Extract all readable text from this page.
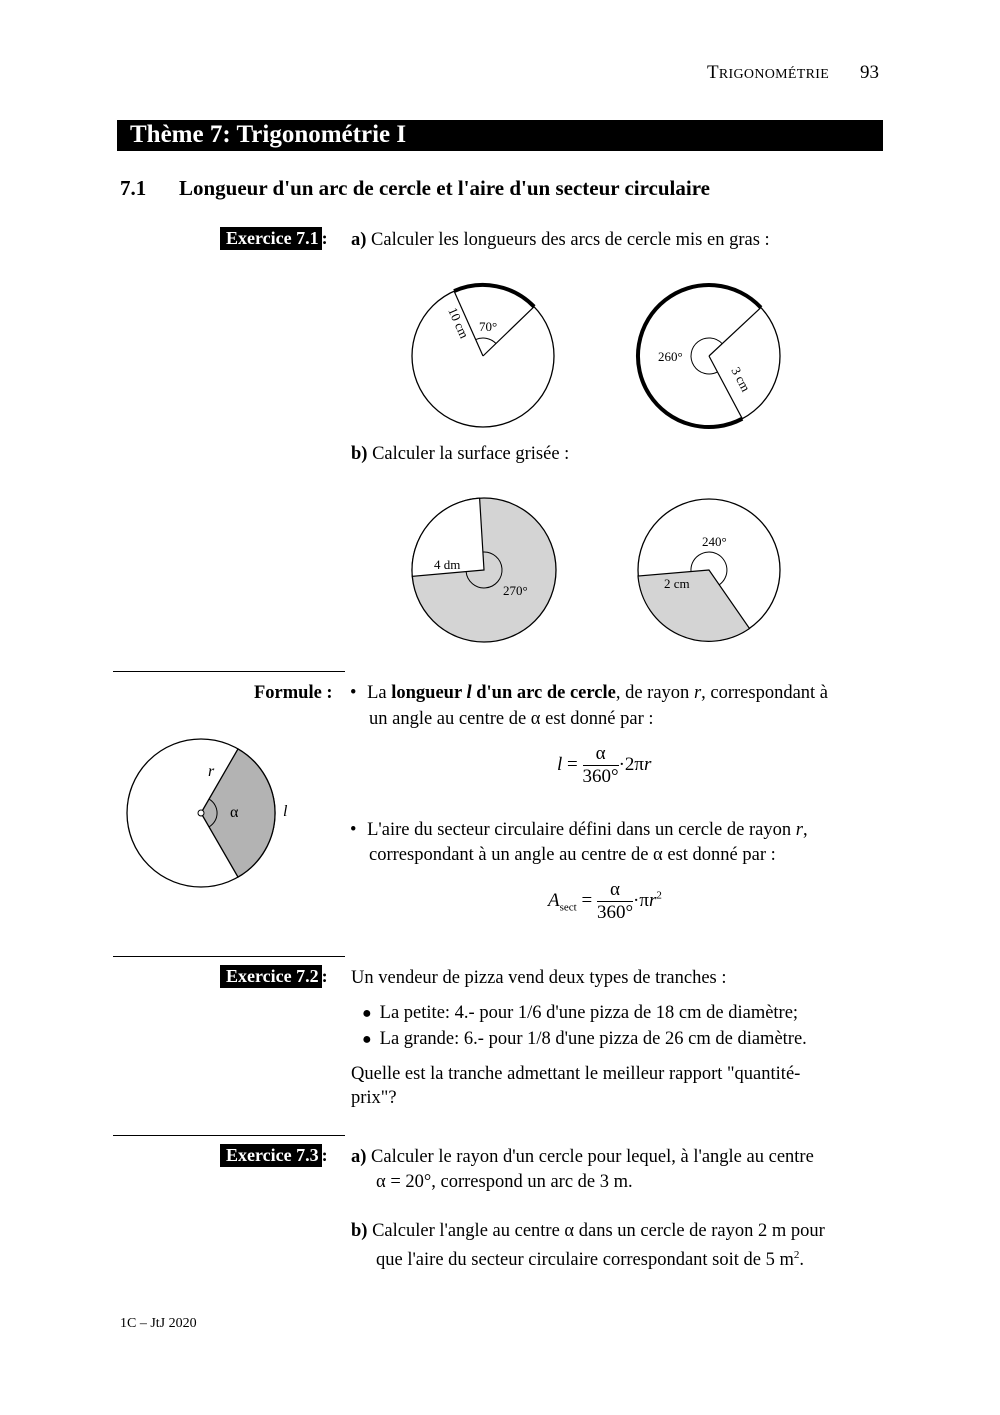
TRIGONOMÉTRIE 93
Thème 7: Trigonométrie I
7.1 Longueur d'un arc de cercle et l'aire d'un secteur circulaire
Exercice 7.1 : a) Calculer les longueurs des arcs de cercle mis en gras :
70°
10 cm
260°
3 cm
b) Calculer la surface grisée :
4 dm
270°
240°
2 cm
Formule : • La longueur l d'un arc de cercle, de rayon r, correspondant à
un angle au centre de α est donné par :
$l = \frac{\alpha}{360^\circ} \cdot 2\pi r$
• L'aire du secteur circulaire défini dans un cercle de rayon r,
correspondant à un angle au centre de α est donné par :
$A_{sect} = \frac{\alpha}{360^\circ} \cdot\pi r^2$
r
α	l
Exercice 7.2 : Un vendeur de pizza vend deux types de tranches :
● La petite: 4.- pour 1/6 d'une pizza de 18 cm de diamètre;
● La grande: 6.- pour 1/8 d'une pizza de 26 cm de diamètre.
Quelle est la tranche admettant le meilleur rapport "quantité-
prix"?
Exercice 7.3 : a) Calculer le rayon d'un cercle pour lequel, à l'angle au centre
α = 20°, correspond un arc de 3 m.
b) Calculer l'angle au centre α dans un cercle de rayon 2 m pour
que l'aire du secteur circulaire correspondant soit de 5 $m^2$.
1C – JtJ 2020
